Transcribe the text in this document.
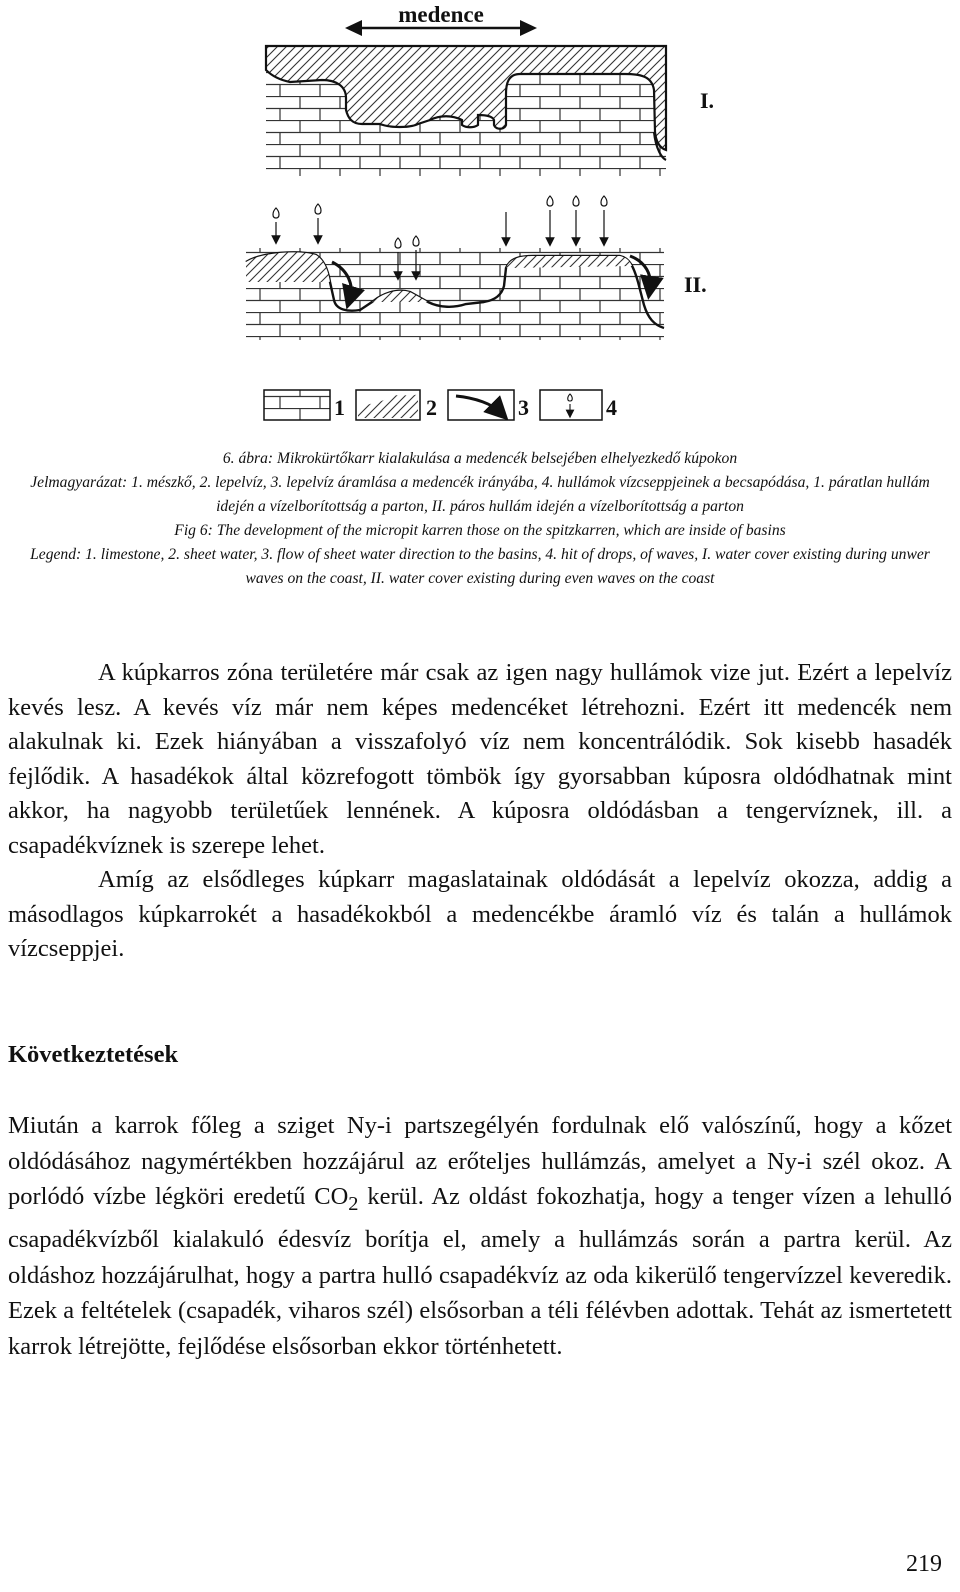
medence
I.
II.
1	2	3	4

6. ábra: Mikrokürtőkarr kialakulása a medencék belsejében elhelyezkedő kúpokon

Jelmagyarázat: 1. mészkő, 2. lepelvíz, 3. lepelvíz áramlása a medencék irányába, 4. hullámok vízcseppjeinek a becsapódása, 1. páratlan hullám idején a vízelborítottság a parton, II. páros hullám idején a vízelborítottság a parton

Fig 6: The development of the micropit karren those on the spitzkarren, which are inside of basins

Legend: 1. limestone, 2. sheet water, 3. flow of sheet water direction to the basins, 4. hit of drops, of waves, I. water cover existing during unwer waves on the coast, II. water cover existing during even waves on the coast

A kúpkarros zóna területére már csak az igen nagy hullámok vize jut. Ezért a lepelvíz kevés lesz. A kevés víz már nem képes medencéket létrehozni. Ezért itt medencék nem alakulnak ki. Ezek hiányában a visszafolyó víz nem koncentrálódik. Sok kisebb hasadék fejlődik. A hasadékok által közrefogott tömbök így gyorsabban kúposra oldódhatnak mint akkor, ha nagyobb területűek lennének. A kúposra oldódásban a tengervíznek, ill. a csapadékvíznek is szerepe lehet.

Amíg az elsődleges kúpkarr magaslatainak oldódását a lepelvíz okozza, addig a másodlagos kúpkarrokét a hasadékokból a medencékbe áramló víz és talán a hullámok vízcseppjei.

Következtetések

Miután a karrok főleg a sziget Ny-i partszegélyén fordulnak elő valószínű, hogy a kőzet oldódásához nagymértékben hozzájárul az erőteljes hullámzás, amelyet a Ny-i szél okoz. A porlódó vízbe légköri eredetű $CO_2$ kerül. Az oldást fokozhatja, hogy a tenger vízen a lehulló csapadékvízből kialakuló édesvíz borítja el, amely a hullámzás során a partra kerül. Az oldáshoz hozzájárulhat, hogy a partra hulló csapadékvíz az oda kikerülő tengervízzel keveredik. Ezek a feltételek (csapadék, viharos szél) elsősorban a téli félévben adottak. Tehát az ismertetett karrok létrejötte, fejlődése elsősorban ekkor történhetett.

219
